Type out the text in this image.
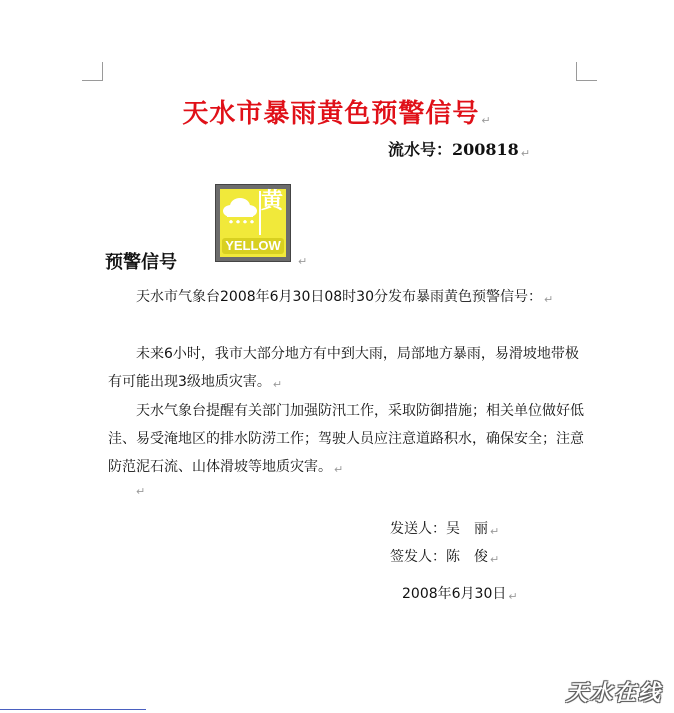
天水市暴雨黄色预警信号 ↵
流水号：200818 ↵
黄
YELLOW
↵
预警信号

天水市气象台2008年6月30日08时30分发布暴雨黄色预警信号： ↵

未来6小时，我市大部分地方有中到大雨，局部地方暴雨，易滑坡地带极有可能出现3级地质灾害。 ↵

天水气象台提醒有关部门加强防汛工作，采取防御措施；相关单位做好低洼、易受淹地区的排水防涝工作；驾驶人员应注意道路积水，确保安全；注意防范泥石流、山体滑坡等地质灾害。 ↵

↵
发送人：吴　丽 ↵
签发人：陈　俊 ↵
2008年6月30日 ↵
天水在线
